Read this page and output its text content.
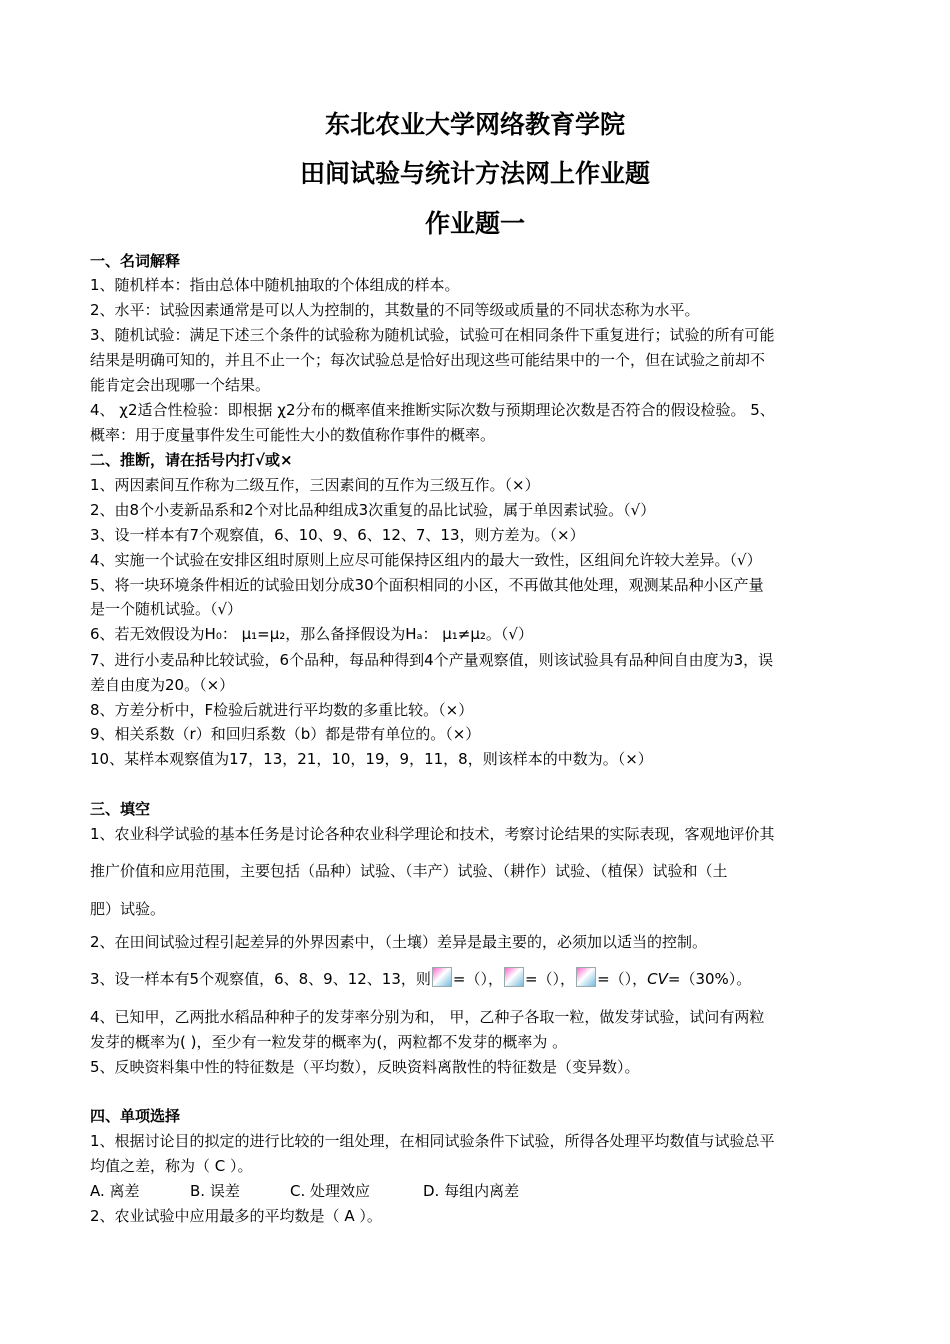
东北农业大学网络教育学院
田间试验与统计方法网上作业题
作业题一
一、名词解释
1、随机样本：指由总体中随机抽取的个体组成的样本。
2、水平：试验因素通常是可以人为控制的，其数量的不同等级或质量的不同状态称为水平。
3、随机试验：满足下述三个条件的试验称为随机试验，试验可在相同条件下重复进行；试验的所有可能
结果是明确可知的，并且不止一个；每次试验总是恰好出现这些可能结果中的一个，但在试验之前却不
能肯定会出现哪一个结果。
4、 χ2适合性检验：即根据 χ2分布的概率值来推断实际次数与预期理论次数是否符合的假设检验。 5、
概率：用于度量事件发生可能性大小的数值称作事件的概率。
二、推断，请在括号内打√或×
1、两因素间互作称为二级互作，三因素间的互作为三级互作。（×）
2、由8个小麦新品系和2个对比品种组成3次重复的品比试验，属于单因素试验。（√）
3、设一样本有7个观察值，6、10、9、6、12、7、13，则方差为。（×）
4、实施一个试验在安排区组时原则上应尽可能保持区组内的最大一致性，区组间允许较大差异。（√）
5、将一块环境条件相近的试验田划分成30个面积相同的小区，不再做其他处理，观测某品种小区产量
是一个随机试验。（√）
6、若无效假设为H₀： μ₁=μ₂，那么备择假设为Hₐ： μ₁≠μ₂。（√）
7、进行小麦品种比较试验，6个品种，每品种得到4个产量观察值，则该试验具有品种间自由度为3，误
差自由度为20。（×）
8、方差分析中，F检验后就进行平均数的多重比较。（×）
9、相关系数（r）和回归系数（b）都是带有单位的。（×）
10、某样本观察值为17，13，21，10，19，9，11，8，则该样本的中数为。（×）
三、填空
1、农业科学试验的基本任务是讨论各种农业科学理论和技术，考察讨论结果的实际表现，客观地评价其
推广价值和应用范围，主要包括（品种）试验、（丰产）试验、（耕作）试验、（植保）试验和（土
肥）试验。
2、在田间试验过程引起差异的外界因素中，（土壤）差异是最主要的，必须加以适当的控制。
3、设一样本有5个观察值，6、8、9、12、13，则 =（）， =（）， =（），CV=（30%）。
4、已知甲，乙两批水稻品种种子的发芽率分别为和， 甲，乙种子各取一粒，做发芽试验，试问有两粒
发芽的概率为( )，至少有一粒发芽的概率为(，两粒都不发芽的概率为 。
5、反映资料集中性的特征数是（平均数），反映资料离散性的特征数是（变异数）。
四、单项选择
1、根据讨论目的拟定的进行比较的一组处理，在相同试验条件下试验，所得各处理平均数值与试验总平
均值之差，称为（ C ）。
A. 离差	B. 误差	C. 处理效应	D. 每组内离差
2、农业试验中应用最多的平均数是（ A ）。
